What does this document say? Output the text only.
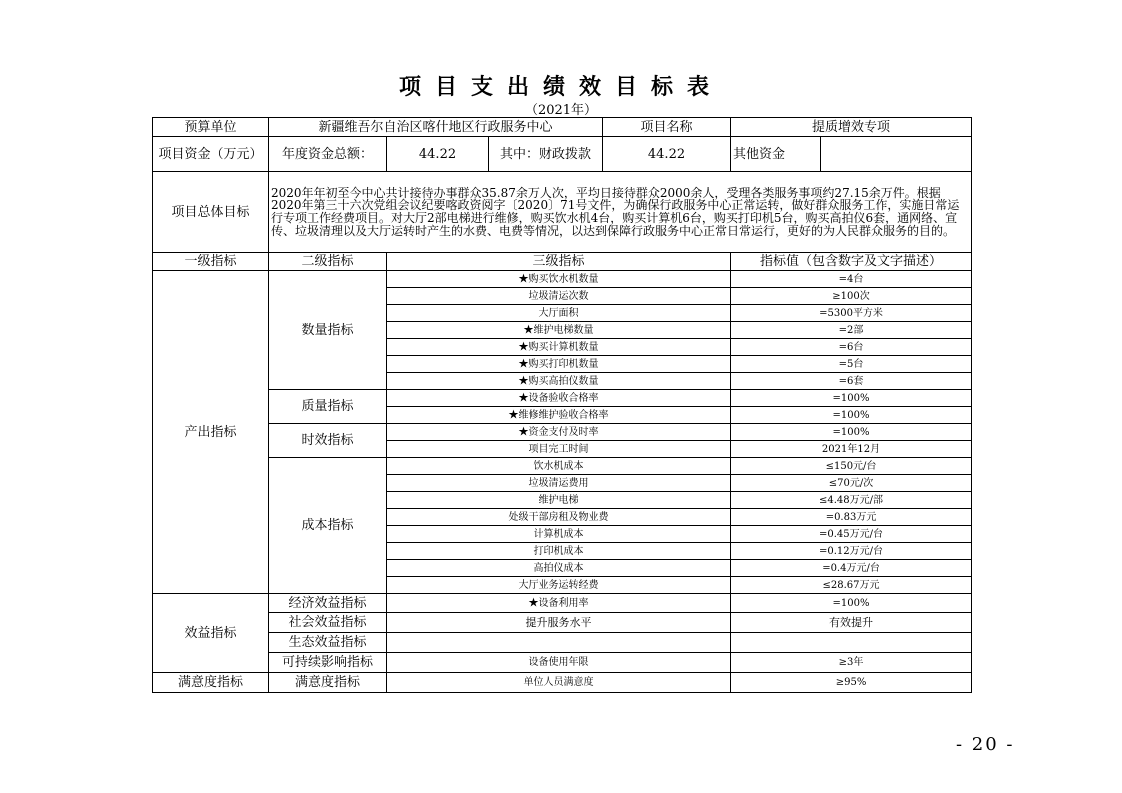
项目支出绩效目标表
（2021年）
预算单位	新疆维吾尔自治区喀什地区行政服务中心			项目名称	提质增效专项	
项目资金（万元）	年度资金总额：	44.22	其中：财政拨款	44.22	其他资金	
项目总体目标	2020年年初至今中心共计接待办事群众35.87余万人次，平均日接待群众2000余人，受理各类服务事项约27.15余万件。根据2020年第三十六次党组会议纪要喀政资阅字〔2020〕71号文件，为确保行政服务中心正常运转，做好群众服务工作，实施日常运行专项工作经费项目。对大厅2部电梯进行维修，购买饮水机4台，购买计算机6台，购买打印机5台，购买高拍仪6套，通网络、宣传、垃圾清理以及大厅运转时产生的水费、电费等情况，以达到保障行政服务中心正常日常运行，更好的为人民群众服务的目的。					
一级指标	二级指标	三级指标			指标值（包含数字及文字描述）	
产出指标	数量指标	★购买饮水机数量			=4台	
		垃圾清运次数			≥100次	
		大厅面积			=5300平方米	
		★维护电梯数量			=2部	
		★购买计算机数量			=6台	
		★购买打印机数量			=5台	
		★购买高拍仪数量			=6套	
	质量指标	★设备验收合格率			=100%	
		★维修维护验收合格率			=100%	
	时效指标	★资金支付及时率			=100%	
		项目完工时间			2021年12月	
	成本指标	饮水机成本			≤150元/台	
		垃圾清运费用			≤70元/次	
		维护电梯			≤4.48万元/部	
		处级干部房租及物业费			=0.83万元	
		计算机成本			=0.45万元/台	
		打印机成本			=0.12万元/台	
		高拍仪成本			=0.4万元/台	
		大厅业务运转经费			≤28.67万元	
效益指标	经济效益指标	★设备利用率			=100%	
	社会效益指标	提升服务水平			有效提升	
	生态效益指标					
	可持续影响指标	设备使用年限			≥3年	
满意度指标	满意度指标	单位人员满意度			≥95%	
- 20 -
